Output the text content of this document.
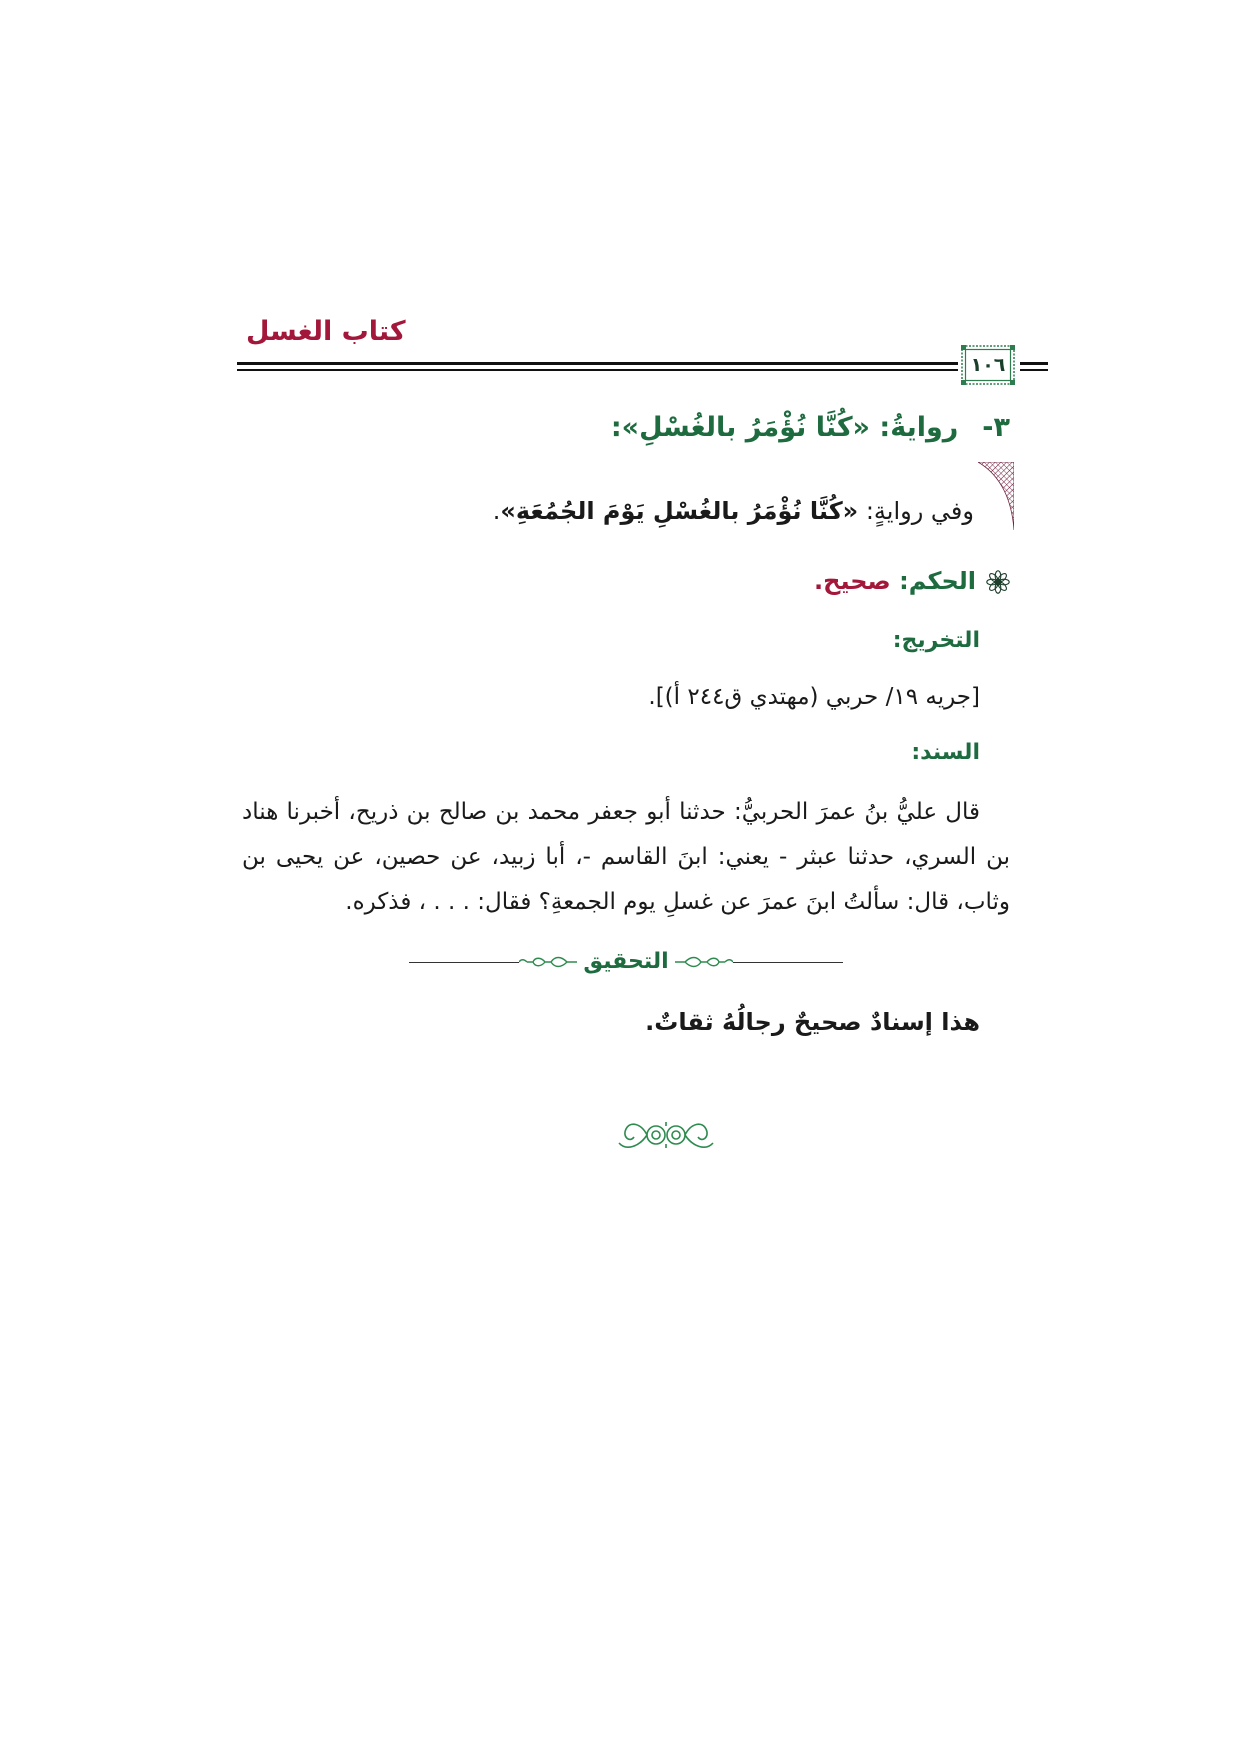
كتاب الغسل
١٠٦
٣-روايةُ: «كُنَّا نُؤْمَرُ بالغُسْلِ»:
وفي روايةٍ: «كُنَّا نُؤْمَرُ بالغُسْلِ يَوْمَ الجُمُعَةِ».
الحكم: صحيح.
التخريج:
[جريه ١٩/ حربي (مهتدي ق٢٤٤ أ)].
السند:
قال عليُّ بنُ عمرَ الحربيُّ: حدثنا أبو جعفر محمد بن صالح بن ذريح، أخبرنا هناد بن السري، حدثنا عبثر - يعني: ابنَ القاسم -، أبا زبيد، عن حصين، عن يحيى بن وثاب، قال: سألتُ ابنَ عمرَ عن غسلِ يوم الجمعةِ؟ فقال: . . . ، فذكره.
التحقيق
هذا إسنادٌ صحيحٌ رجالُهُ ثقاتٌ.
